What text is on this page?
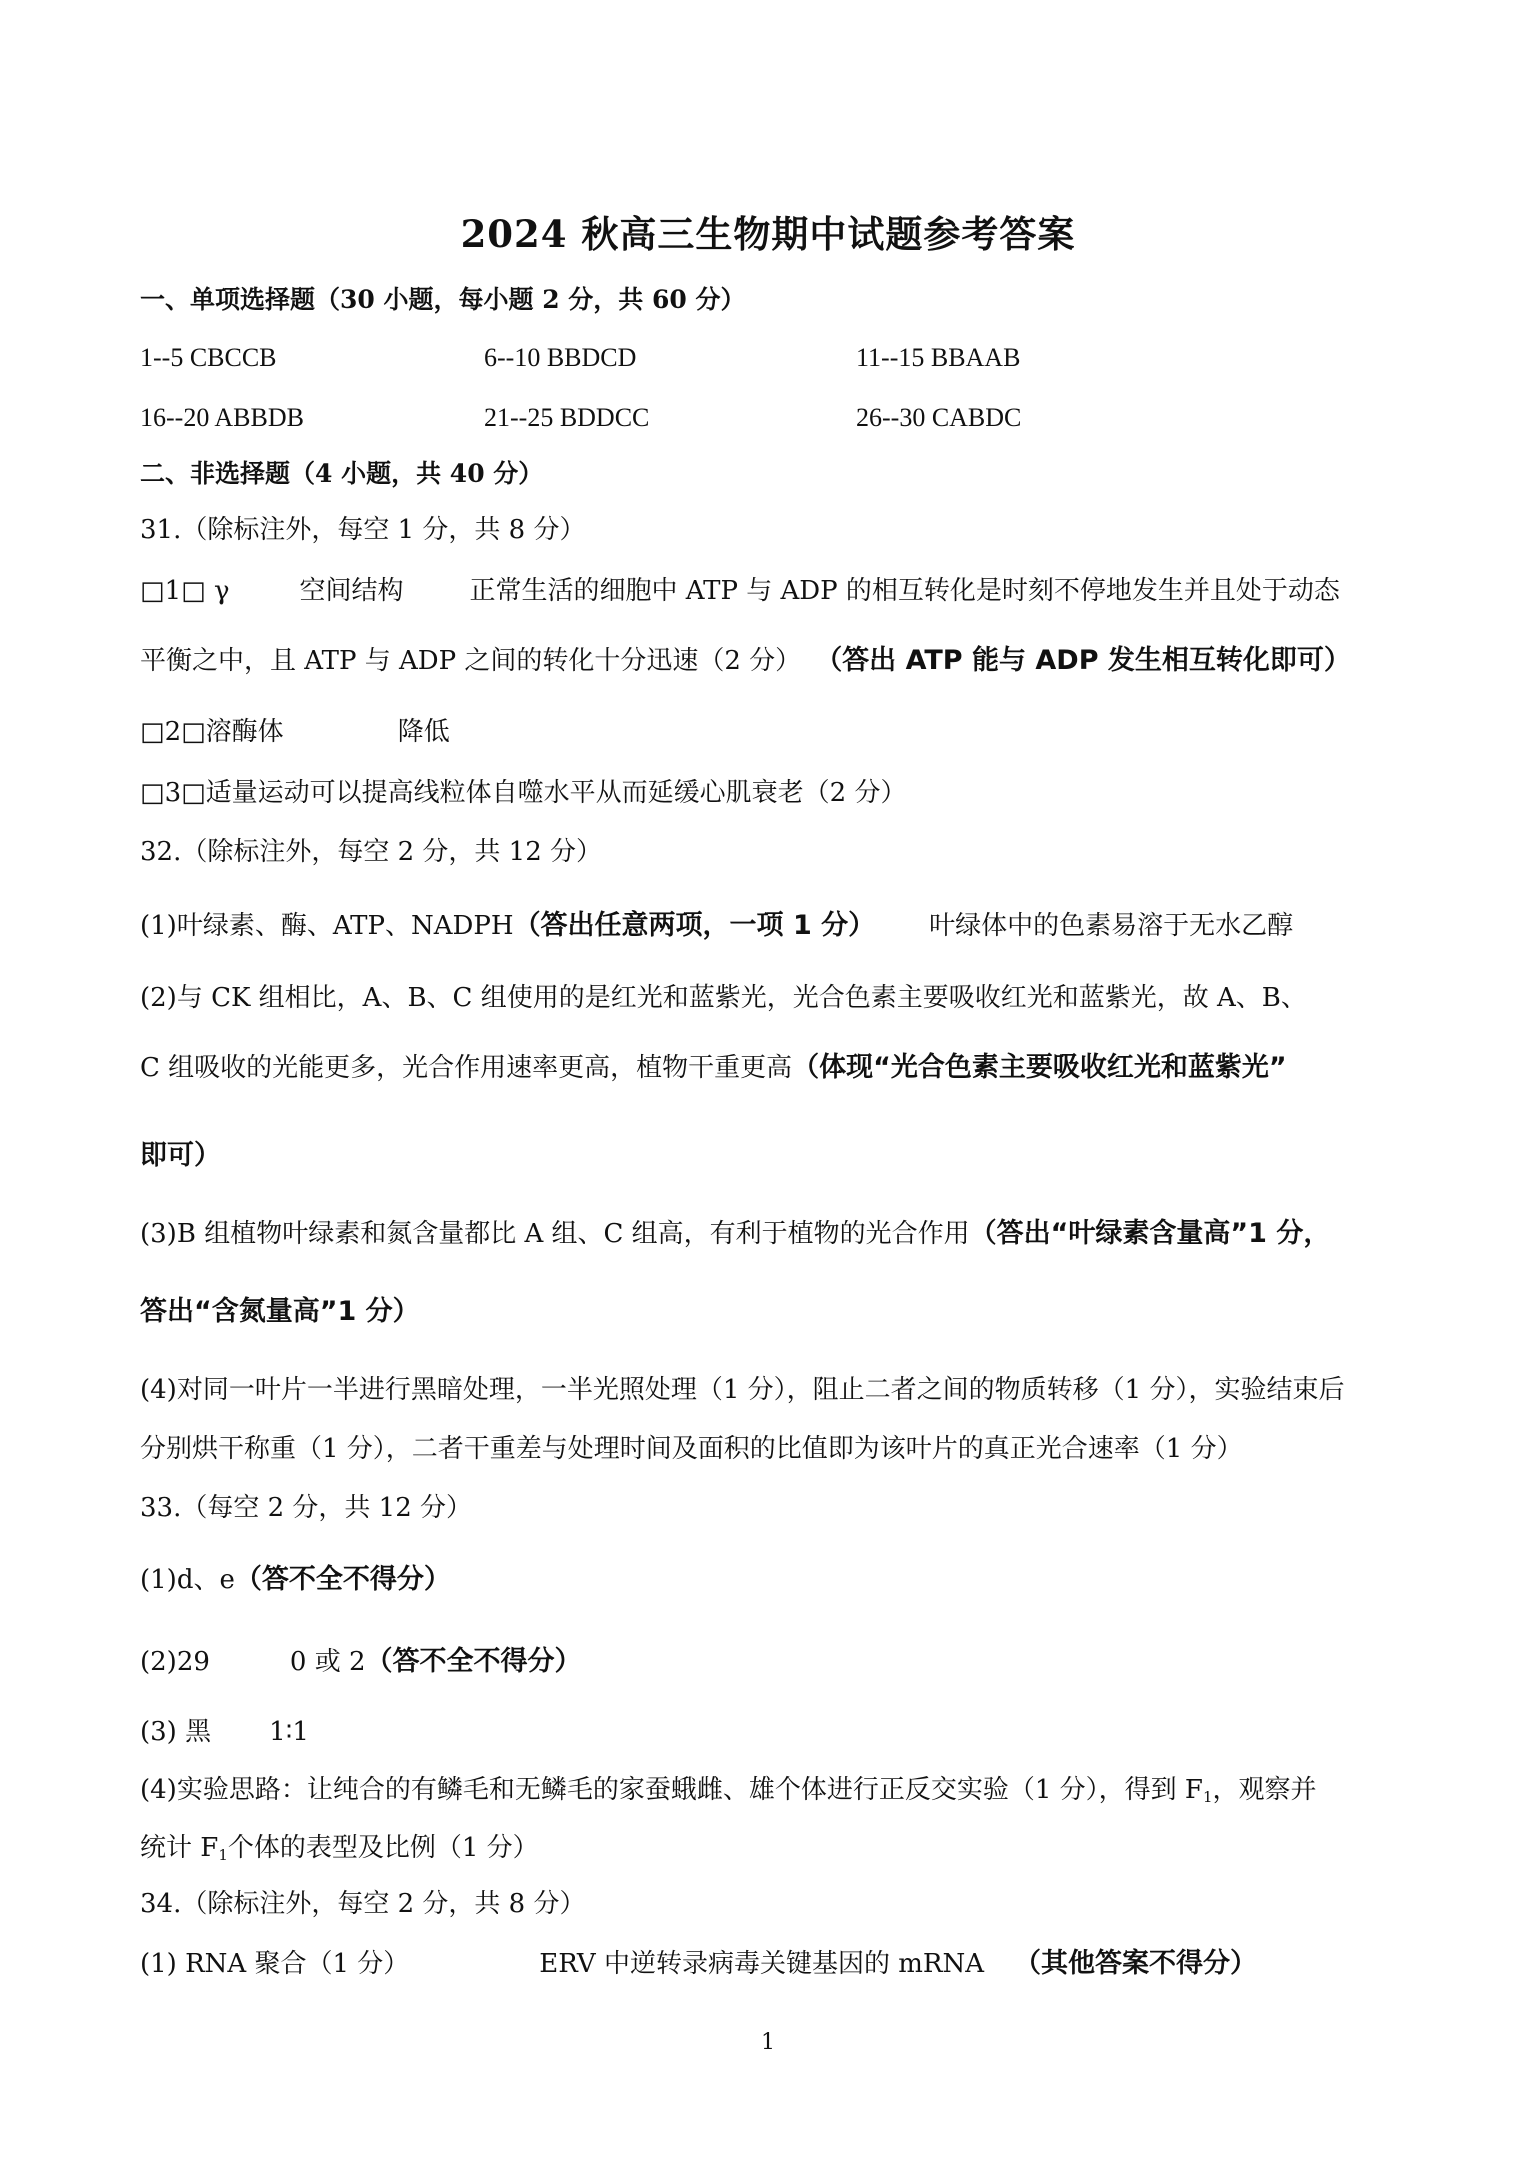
2024 秋高三生物期中试题参考答案
一、单项选择题（30 小题，每小题 2 分，共 60 分）
1--5 CBCCB	6--10 BBDCD	11--15 BBAAB
16--20 ABBDB	21--25 BDDCC	26--30 CABDC
二、非选择题（4 小题，共 40 分）
31.（除标注外，每空 1 分，共 8 分）
□1□ γ	空间结构	正常生活的细胞中 ATP 与 ADP 的相互转化是时刻不停地发生并且处于动态
平衡之中，且 ATP 与 ADP 之间的转化十分迅速（2 分） （答出 ATP 能与 ADP 发生相互转化即可）
□2□溶酶体	降低
□3□适量运动可以提高线粒体自噬水平从而延缓心肌衰老（2 分）
32.（除标注外，每空 2 分，共 12 分）
(1)叶绿素、酶、ATP、NADPH（答出任意两项，一项 1 分） 叶绿体中的色素易溶于无水乙醇
(2)与 CK 组相比，A、B、C 组使用的是红光和蓝紫光，光合色素主要吸收红光和蓝紫光，故 A、B、
C 组吸收的光能更多，光合作用速率更高，植物干重更高（体现“光合色素主要吸收红光和蓝紫光”
即可）
(3)B 组植物叶绿素和氮含量都比 A 组、C 组高，有利于植物的光合作用（答出“叶绿素含量高”1 分，
答出“含氮量高”1 分）
(4)对同一叶片一半进行黑暗处理，一半光照处理（1 分），阻止二者之间的物质转移（1 分），实验结束后
分别烘干称重（1 分），二者干重差与处理时间及面积的比值即为该叶片的真正光合速率（1 分）
33.（每空 2 分，共 12 分）
(1)d、e（答不全不得分）
(2)29	0 或 2（答不全不得分）
(3) 黑 1∶1
(4)实验思路：让纯合的有鳞毛和无鳞毛的家蚕蛾雌、雄个体进行正反交实验（1 分），得到 $F_1$，观察并
统计 $F_1$个体的表型及比例（1 分）
34.（除标注外，每空 2 分，共 8 分）
(1) RNA 聚合（1 分）	ERV 中逆转录病毒关键基因的 mRNA （其他答案不得分）
1
